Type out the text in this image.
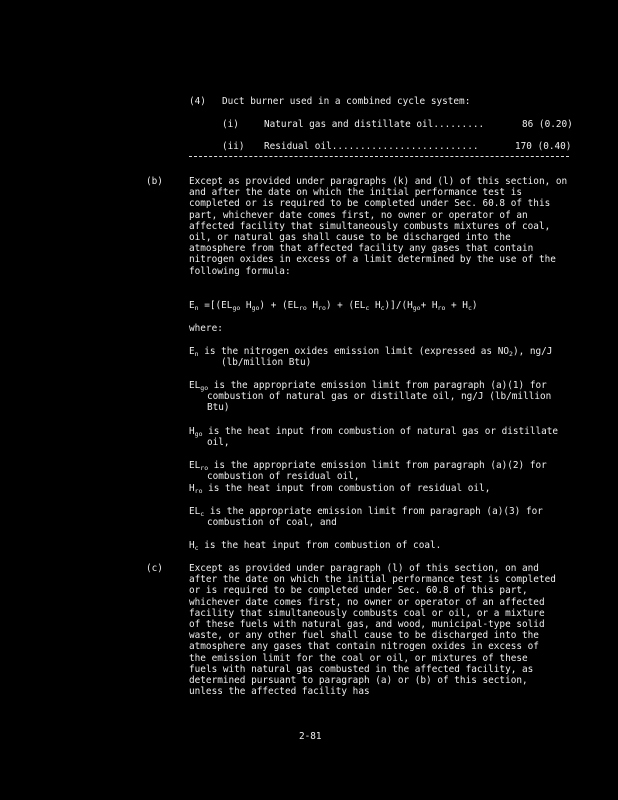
(4) Duct burner used in a combined cycle system:
(i)	Natural gas and distillate oil.........	86 (0.20)
(ii) Residual oil..........................	170 (0.40)
(b)	Except as provided under paragraphs (k) and (l) of this section, on and after the date on which the initial performance test is completed or is required to be completed under Sec. 60.8 of this part, whichever date comes first, no owner or operator of an affected facility that simultaneously combusts mixtures of coal, oil, or natural gas shall cause to be discharged into the atmosphere from that affected facility any gases that contain nitrogen oxides in excess of a limit determined by the use of the following formula:
$E_n =[(EL_{go}$ $H_{go}) + (EL_{ro}$ $H_{ro}) + (EL_c$ $H_c)]/(H_{go}+ H_{ro} + H_c)$
where:
$E_n$ is the nitrogen oxides emission limit (expressed as $NO_2$), ng/J (lb/million Btu)
$EL_{go}$ is the appropriate emission limit from paragraph (a)(1) for combustion of natural gas or distillate oil, ng/J (lb/million Btu)
$H_{go}$ is the heat input from combustion of natural gas or distillate oil,
$EL_{ro}$ is the appropriate emission limit from paragraph (a)(2) for combustion of residual oil,
$H_{ro}$ is the heat input from combustion of residual oil,
$EL_c$ is the appropriate emission limit from paragraph (a)(3) for combustion of coal, and
$H_c$ is the heat input from combustion of coal.
(c)	Except as provided under paragraph (l) of this section, on and after the date on which the initial performance test is completed or is required to be completed under Sec. 60.8 of this part, whichever date comes first, no owner or operator of an affected facility that simultaneously combusts coal or oil, or a mixture of these fuels with natural gas, and wood, municipal-type solid waste, or any other fuel shall cause to be discharged into the atmosphere any gases that contain nitrogen oxides in excess of the emission limit for the coal or oil, or mixtures of these fuels with natural gas combusted in the affected facility, as determined pursuant to paragraph (a) or (b) of this section, unless the affected facility has
2-81
